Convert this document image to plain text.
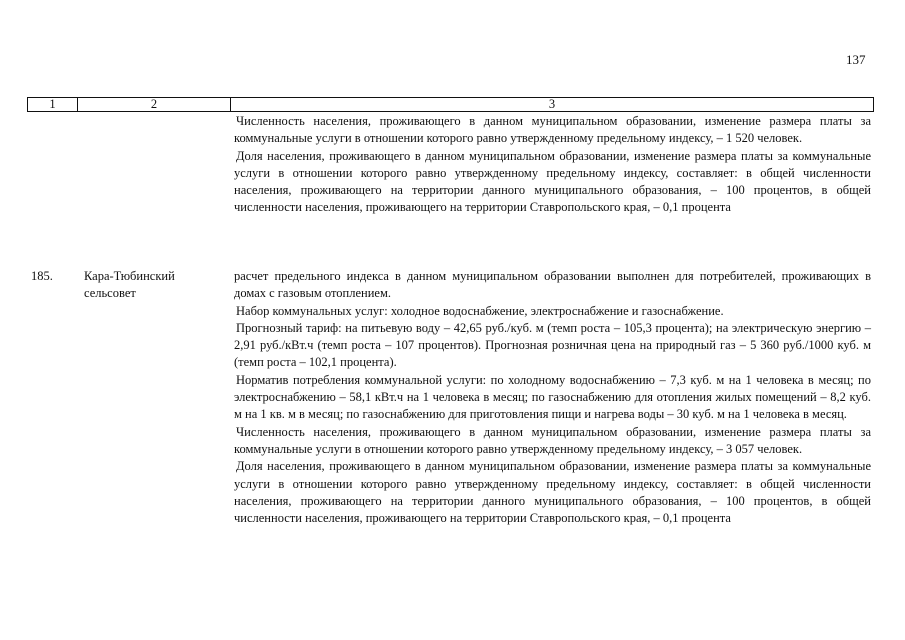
137
1	2	3

Численность населения, проживающего в данном муниципальном образовании, изменение размера платы за коммунальные услуги в отношении которого равно утвержденному предельному индексу, – 1 520 человек.

Доля населения, проживающего в данном муниципальном образовании, изменение размера платы за коммунальные услуги в отношении которого равно утвержденному предельному индексу, составляет: в общей численности населения, проживающего на территории данного муниципального образования, – 100 процентов, в общей численности населения, проживающего на территории Ставропольского края, – 0,1 процента

185. Кара-Тюбинский сельсовет

расчет предельного индекса в данном муниципальном образовании выполнен для потребителей, проживающих в домах с газовым отоплением.

Набор коммунальных услуг: холодное водоснабжение, электроснабжение и газоснабжение.

Прогнозный тариф: на питьевую воду – 42,65 руб./куб. м (темп роста – 105,3 процента); на электрическую энергию – 2,91 руб./кВт.ч (темп роста – 107 процентов). Прогнозная розничная цена на природный газ – 5 360 руб./1000 куб. м (темп роста – 102,1 процента).

Норматив потребления коммунальной услуги: по холодному водоснабжению – 7,3 куб. м на 1 человека в месяц; по электроснабжению – 58,1 кВт.ч на 1 человека в месяц; по газоснабжению для отопления жилых помещений – 8,2 куб. м на 1 кв. м в месяц; по газоснабжению для приготовления пищи и нагрева воды – 30 куб. м на 1 человека в месяц.

Численность населения, проживающего в данном муниципальном образовании, изменение размера платы за коммунальные услуги в отношении которого равно утвержденному предельному индексу, – 3 057 человек.

Доля населения, проживающего в данном муниципальном образовании, изменение размера платы за коммунальные услуги в отношении которого равно утвержденному предельному индексу, составляет: в общей численности населения, проживающего на территории данного муниципального образования, – 100 процентов, в общей численности населения, проживающего на территории Ставропольского края, – 0,1 процента
